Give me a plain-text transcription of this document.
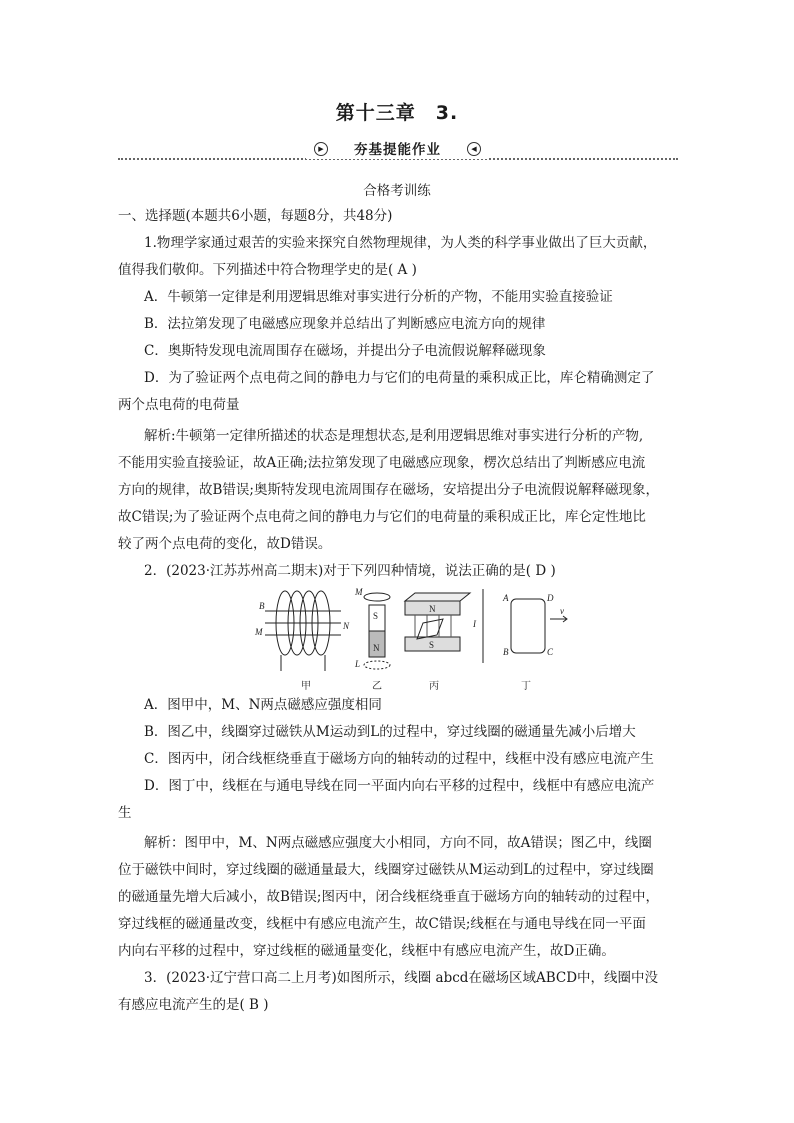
第十三章　3.
▶	夯基提能作业	◀
合格考训练
一、选择题(本题共6小题，每题8分，共48分)
1.物理学家通过艰苦的实验来探究自然物理规律，为人类的科学事业做出了巨大贡献，
值得我们敬仰。下列描述中符合物理学史的是( A )
A．牛顿第一定律是利用逻辑思维对事实进行分析的产物，不能用实验直接验证
B．法拉第发现了电磁感应现象并总结出了判断感应电流方向的规律
C．奥斯特发现电流周围存在磁场，并提出分子电流假说解释磁现象
D．为了验证两个点电荷之间的静电力与它们的电荷量的乘积成正比，库仑精确测定了
两个点电荷的电荷量
解析:牛顿第一定律所描述的状态是理想状态,是利用逻辑思维对事实进行分析的产物,
不能用实验直接验证，故A正确;法拉第发现了电磁感应现象，楞次总结出了判断感应电流
方向的规律，故B错误;奥斯特发现电流周围存在磁场，安培提出分子电流假说解释磁现象，
故C错误;为了验证两个点电荷之间的静电力与它们的电荷量的乘积成正比，库仑定性地比
较了两个点电荷的变化，故D错误。
2．(2023·江苏苏州高二期末)对于下列四种情境，说法正确的是( D )
B
M
N
甲
M
L
S
N
乙
N
S
丙
I
A	D
B	C
v
丁
A．图甲中，M、N两点磁感应强度相同
B．图乙中，线圈穿过磁铁从M运动到L的过程中，穿过线圈的磁通量先减小后增大
C．图丙中，闭合线框绕垂直于磁场方向的轴转动的过程中，线框中没有感应电流产生
D．图丁中，线框在与通电导线在同一平面内向右平移的过程中，线框中有感应电流产
生
解析：图甲中，M、N两点磁感应强度大小相同，方向不同，故A错误；图乙中，线圈
位于磁铁中间时，穿过线圈的磁通量最大，线圈穿过磁铁从M运动到L的过程中，穿过线圈
的磁通量先增大后减小，故B错误;图丙中，闭合线框绕垂直于磁场方向的轴转动的过程中，
穿过线框的磁通量改变，线框中有感应电流产生，故C错误;线框在与通电导线在同一平面
内向右平移的过程中，穿过线框的磁通量变化，线框中有感应电流产生，故D正确。
3．(2023·辽宁营口高二上月考)如图所示，线圈 abcd在磁场区域ABCD中，线圈中没
有感应电流产生的是( B )
